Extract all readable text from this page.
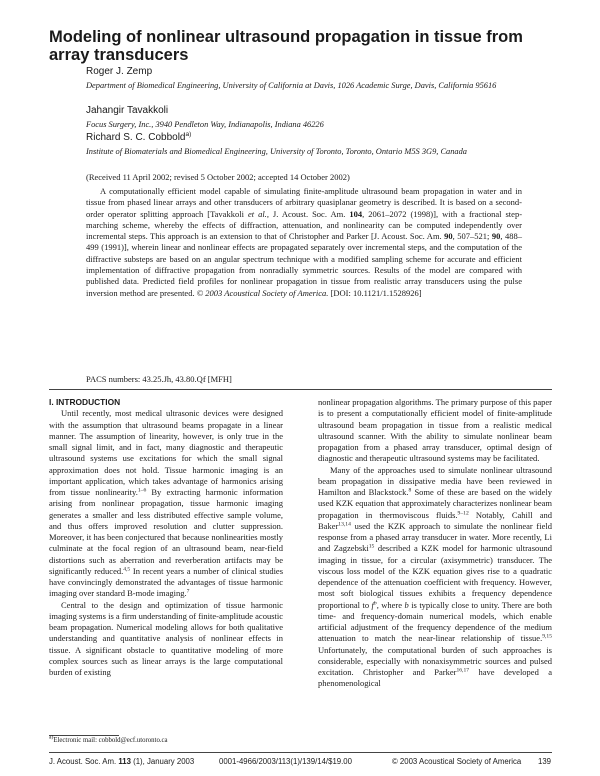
Modeling of nonlinear ultrasound propagation in tissue from array transducers

Roger J. Zemp

Department of Biomedical Engineering, University of California at Davis, 1026 Academic Surge, Davis, California 95616

Jahangir Tavakkoli

Focus Surgery, Inc., 3940 Pendleton Way, Indianapolis, Indiana 46226

Richard S. C. Cobbold$^{a)}$

Institute of Biomaterials and Biomedical Engineering, University of Toronto, Toronto, Ontario M5S 3G9, Canada

(Received 11 April 2002; revised 5 October 2002; accepted 14 October 2002)

A computationally efficient model capable of simulating finite-amplitude ultrasound beam propagation in water and in tissue from phased linear arrays and other transducers of arbitrary quasiplanar geometry is described. It is based on a second-order operator splitting approach [Tavakkoli et al., J. Acoust. Soc. Am. 104, 2061–2072 (1998)], with a fractional step-marching scheme, whereby the effects of diffraction, attenuation, and nonlinearity can be computed independently over incremental steps. This approach is an extension to that of Christopher and Parker [J. Acoust. Soc. Am. 90, 507–521; 90, 488–499 (1991)], wherein linear and nonlinear effects are propagated separately over incremental steps, and the computation of the diffractive substeps are based on an angular spectrum technique with a modified sampling scheme for accurate and efficient implementation of diffractive propagation from nonradially symmetric sources. Results of the model are compared with published data. Predicted field profiles for nonlinear propagation in tissue from realistic array transducers using the pulse inversion method are presented. © 2003 Acoustical Society of America. [DOI: 10.1121/1.1528926]

PACS numbers: 43.25.Jh, 43.80.Qf [MFH]

I. INTRODUCTION

Until recently, most medical ultrasonic devices were designed with the assumption that ultrasound beams propagate in a linear manner. The assumption of linearity, however, is only true in the small signal limit, and in fact, many diagnostic and therapeutic ultrasound systems use excitations for which the small signal approximation does not hold. Tissue harmonic imaging is an important application, which takes advantage of harmonics arising from tissue nonlinearity.$^{1-6}$ By extracting harmonic information arising from nonlinear propagation, tissue harmonic imaging generates a smaller and less distributed effective sample volume, and thus offers improved resolution and clutter suppression. Moreover, it has been conjectured that because nonlinearities mostly culminate at the focal region of an ultrasound beam, near-field distortions such as aberration and reverberation artifacts may be significantly reduced.$^{4,5}$ In recent years a number of clinical studies have convincingly demonstrated the advantages of tissue harmonic imaging over standard B-mode imaging.$^7$

Central to the design and optimization of tissue harmonic imaging systems is a firm understanding of finite-amplitude acoustic beam propagation. Numerical modeling allows for both qualitative understanding and quantitative analysis of nonlinear effects in tissue. A significant obstacle to quantitative modeling of more complex sources such as linear arrays is the large computational burden of existing

nonlinear propagation algorithms. The primary purpose of this paper is to present a computationally efficient model of finite-amplitude ultrasound beam propagation in tissue from a realistic medical ultrasound scanner. With the ability to simulate nonlinear beam propagation from a phased array transducer, optimal design of diagnostic and therapeutic ultrasound systems may be facilitated.

Many of the approaches used to simulate nonlinear ultrasound beam propagation in dissipative media have been reviewed in Hamilton and Blackstock.$^8$ Some of these are based on the widely used KZK equation that approximately characterizes nonlinear beam propagation in thermoviscous fluids.$^{9-12}$ Notably, Cahill and Baker$^{13,14}$ used the KZK approach to simulate the nonlinear field response from a phased array transducer in water. More recently, Li and Zagzebski$^{15}$ described a KZK model for harmonic ultrasound imaging in tissue, for a circular (axisymmetric) transducer. The viscous loss model of the KZK equation gives rise to a quadratic dependence of the attenuation coefficient with frequency. However, most soft biological tissues exhibits a frequency dependence proportional to $f^b$, where b is typically close to unity. There are both time- and frequency-domain numerical models, which enable artificial adjustment of the frequency dependence of the medium attenuation to match the near-linear relationship of tissue.$^{9,15}$ Unfortunately, the computational burden of such approaches is considerable, especially with nonaxisymmetric sources and pulsed excitation. Christopher and Parker$^{16,17}$ have developed a phenomenological

$^{a)}$Electronic mail: cobbold@ecf.utoronto.ca

J. Acoust. Soc. Am. 113 (1), January 2003	0001-4966/2003/113(1)/139/14/$19.00	© 2003 Acoustical Society of America 139
